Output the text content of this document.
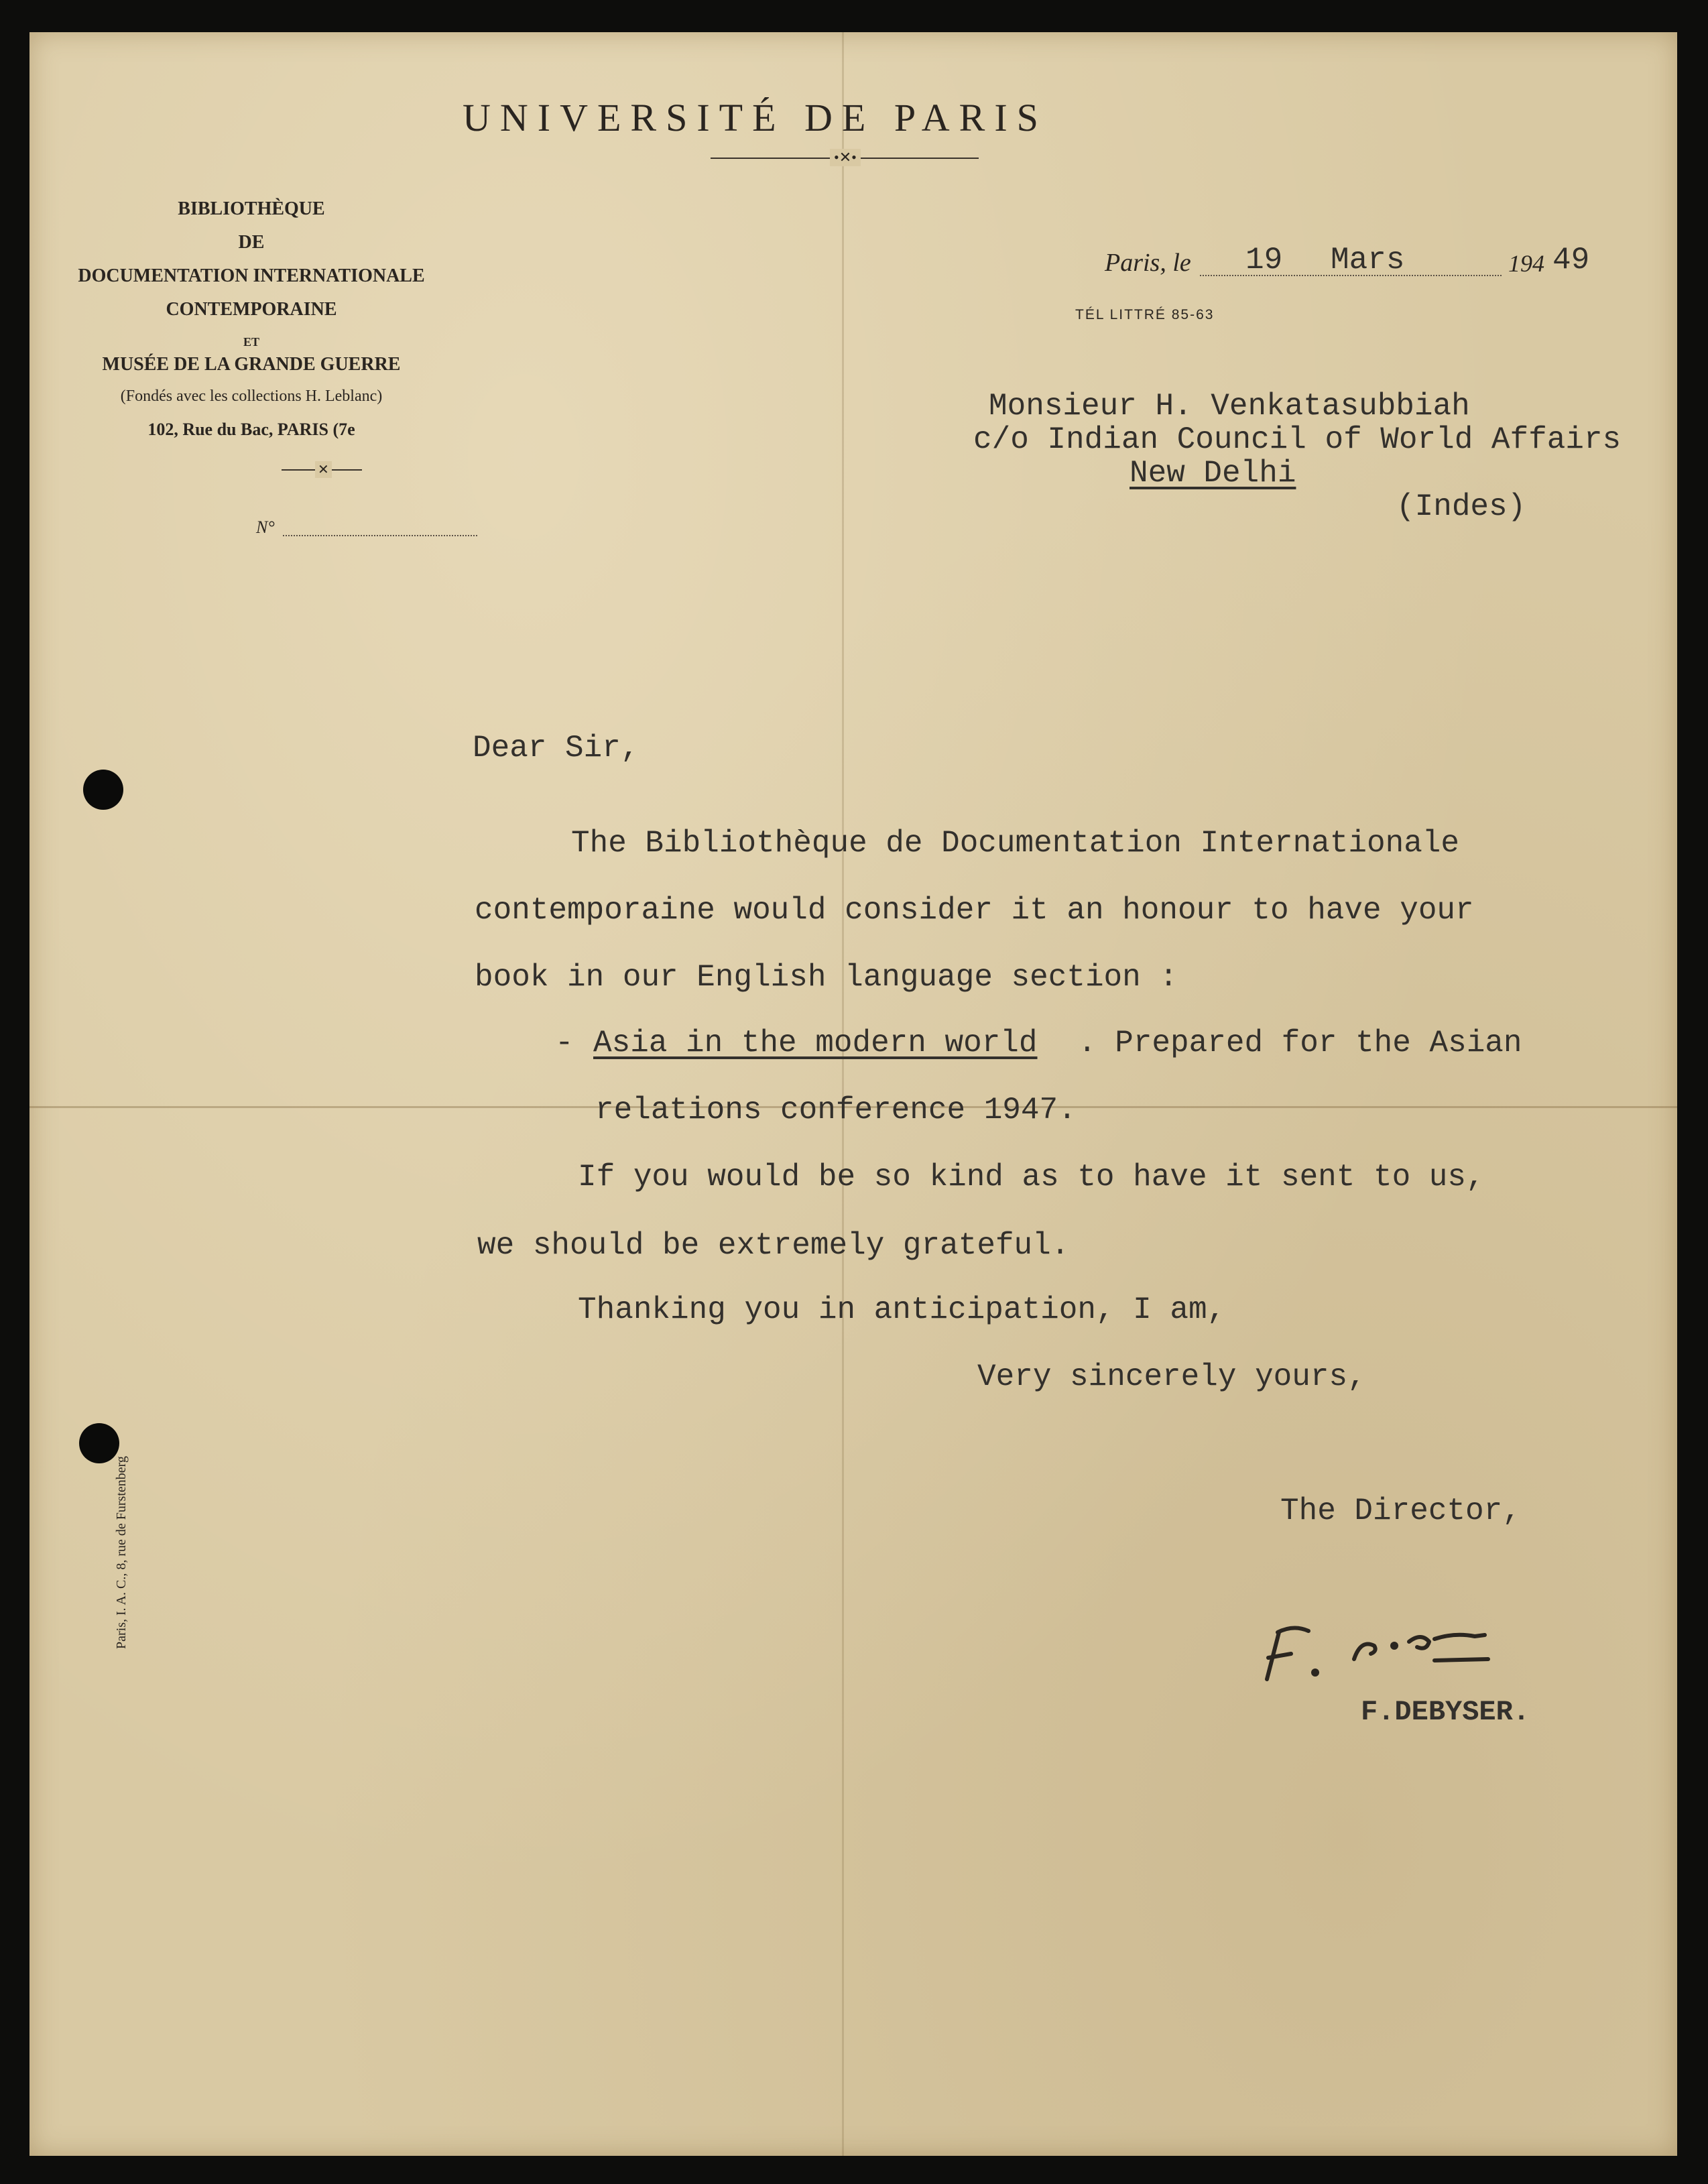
UNIVERSITÉ DE PARIS
•✕•
BIBLIOTHÈQUE
DE
DOCUMENTATION INTERNATIONALE
CONTEMPORAINE
ET
MUSÉE DE LA GRANDE GUERRE
(Fondés avec les collections H. Leblanc)
102, Rue du Bac, PARIS (7e
✕
N°
Paris, le 19 Mars	194 49
TÉL LITTRÉ 85-63
Monsieur H. Venkatasubbiah
c/o Indian Council of World Affairs
New Delhi
(Indes)
Dear Sir,
The Bibliothèque de Documentation Internationale
contemporaine would consider it an honour to have your
book in our English language section :
- Asia in the modern world . Prepared for the Asian
relations conference 1947.
If you would be so kind as to have it sent to us,
we should be extremely grateful.
Thanking you in anticipation, I am,
Very sincerely yours,
The Director,
F.DEBYSER.
Paris, I. A. C., 8, rue de Furstenberg
